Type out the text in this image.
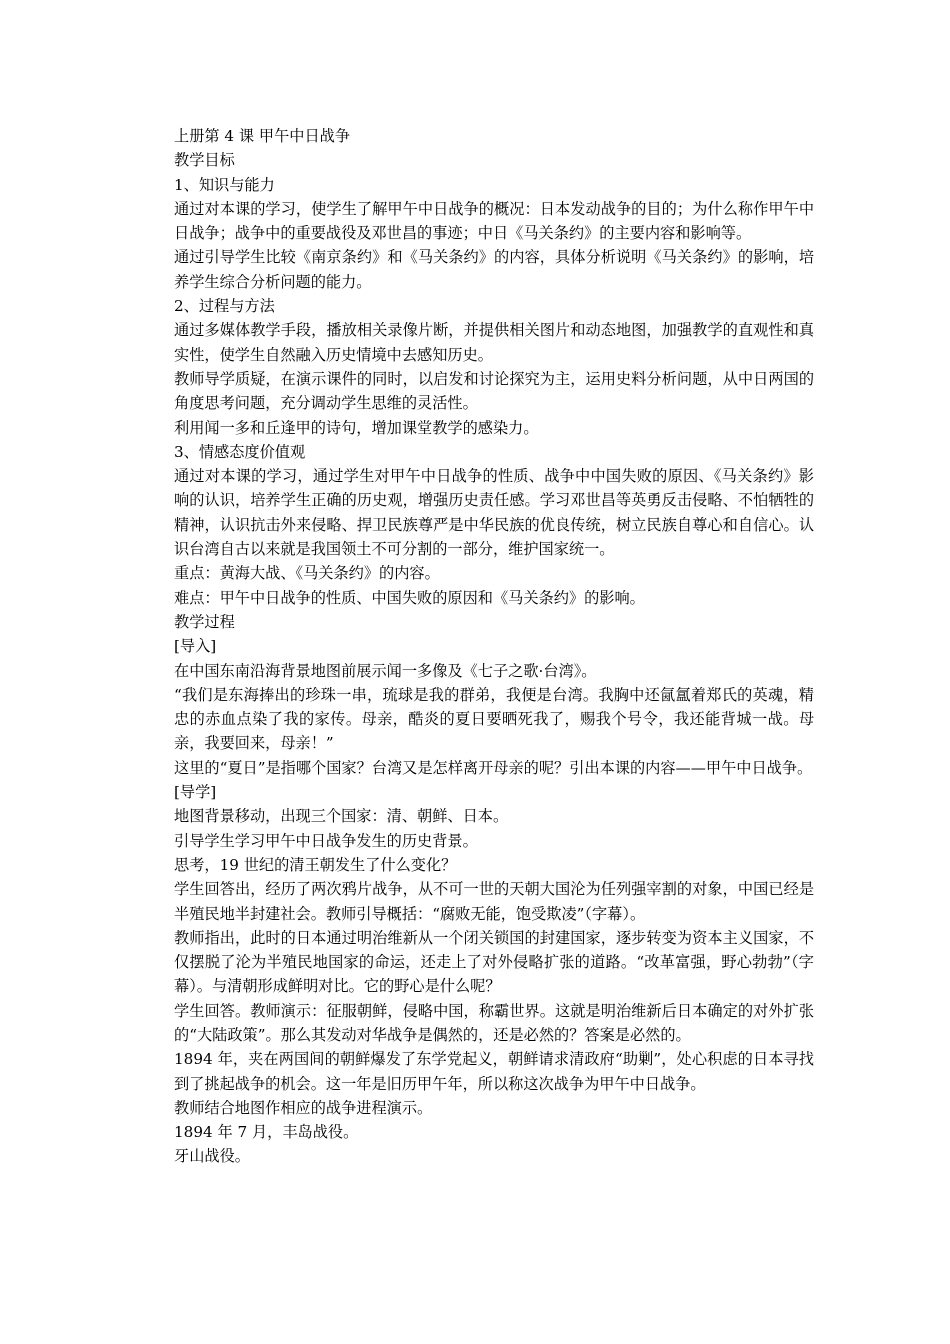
上册第 4 课 甲午中日战争

教学目标

1、知识与能力

通过对本课的学习，使学生了解甲午中日战争的概况：日本发动战争的目的；为什么称作甲午中日战争；战争中的重要战役及邓世昌的事迹；中日《马关条约》的主要内容和影响等。

通过引导学生比较《南京条约》和《马关条约》的内容，具体分析说明《马关条约》的影响，培养学生综合分析问题的能力。

2、过程与方法

通过多媒体教学手段，播放相关录像片断，并提供相关图片和动态地图，加强教学的直观性和真实性，使学生自然融入历史情境中去感知历史。

教师导学质疑，在演示课件的同时，以启发和讨论探究为主，运用史料分析问题，从中日两国的角度思考问题，充分调动学生思维的灵活性。

利用闻一多和丘逢甲的诗句，增加课堂教学的感染力。

3、情感态度价值观

通过对本课的学习，通过学生对甲午中日战争的性质、战争中中国失败的原因、《马关条约》影响的认识，培养学生正确的历史观，增强历史责任感。学习邓世昌等英勇反击侵略、不怕牺牲的精神，认识抗击外来侵略、捍卫民族尊严是中华民族的优良传统，树立民族自尊心和自信心。认识台湾自古以来就是我国领土不可分割的一部分，维护国家统一。

重点：黄海大战、《马关条约》的内容。

难点：甲午中日战争的性质、中国失败的原因和《马关条约》的影响。

教学过程

[导入]

在中国东南沿海背景地图前展示闻一多像及《七子之歌·台湾》。

“我们是东海捧出的珍珠一串，琉球是我的群弟，我便是台湾。我胸中还氤氲着郑氏的英魂，精忠的赤血点染了我的家传。母亲，酷炎的夏日要晒死我了，赐我个号令，我还能背城一战。母亲，我要回来，母亲！”

这里的“夏日”是指哪个国家？台湾又是怎样离开母亲的呢？引出本课的内容——甲午中日战争。

[导学]

地图背景移动，出现三个国家：清、朝鲜、日本。

引导学生学习甲午中日战争发生的历史背景。

思考，19 世纪的清王朝发生了什么变化？

学生回答出，经历了两次鸦片战争，从不可一世的天朝大国沦为任列强宰割的对象，中国已经是半殖民地半封建社会。教师引导概括：“腐败无能，饱受欺凌”（字幕）。

教师指出，此时的日本通过明治维新从一个闭关锁国的封建国家，逐步转变为资本主义国家，不仅摆脱了沦为半殖民地国家的命运，还走上了对外侵略扩张的道路。“改革富强，野心勃勃”（字幕）。与清朝形成鲜明对比。它的野心是什么呢？

学生回答。教师演示：征服朝鲜，侵略中国，称霸世界。这就是明治维新后日本确定的对外扩张的“大陆政策”。那么其发动对华战争是偶然的，还是必然的？答案是必然的。

1894 年，夹在两国间的朝鲜爆发了东学党起义，朝鲜请求清政府“助剿”，处心积虑的日本寻找到了挑起战争的机会。这一年是旧历甲午年，所以称这次战争为甲午中日战争。

教师结合地图作相应的战争进程演示。

1894 年 7 月，丰岛战役。

牙山战役。
